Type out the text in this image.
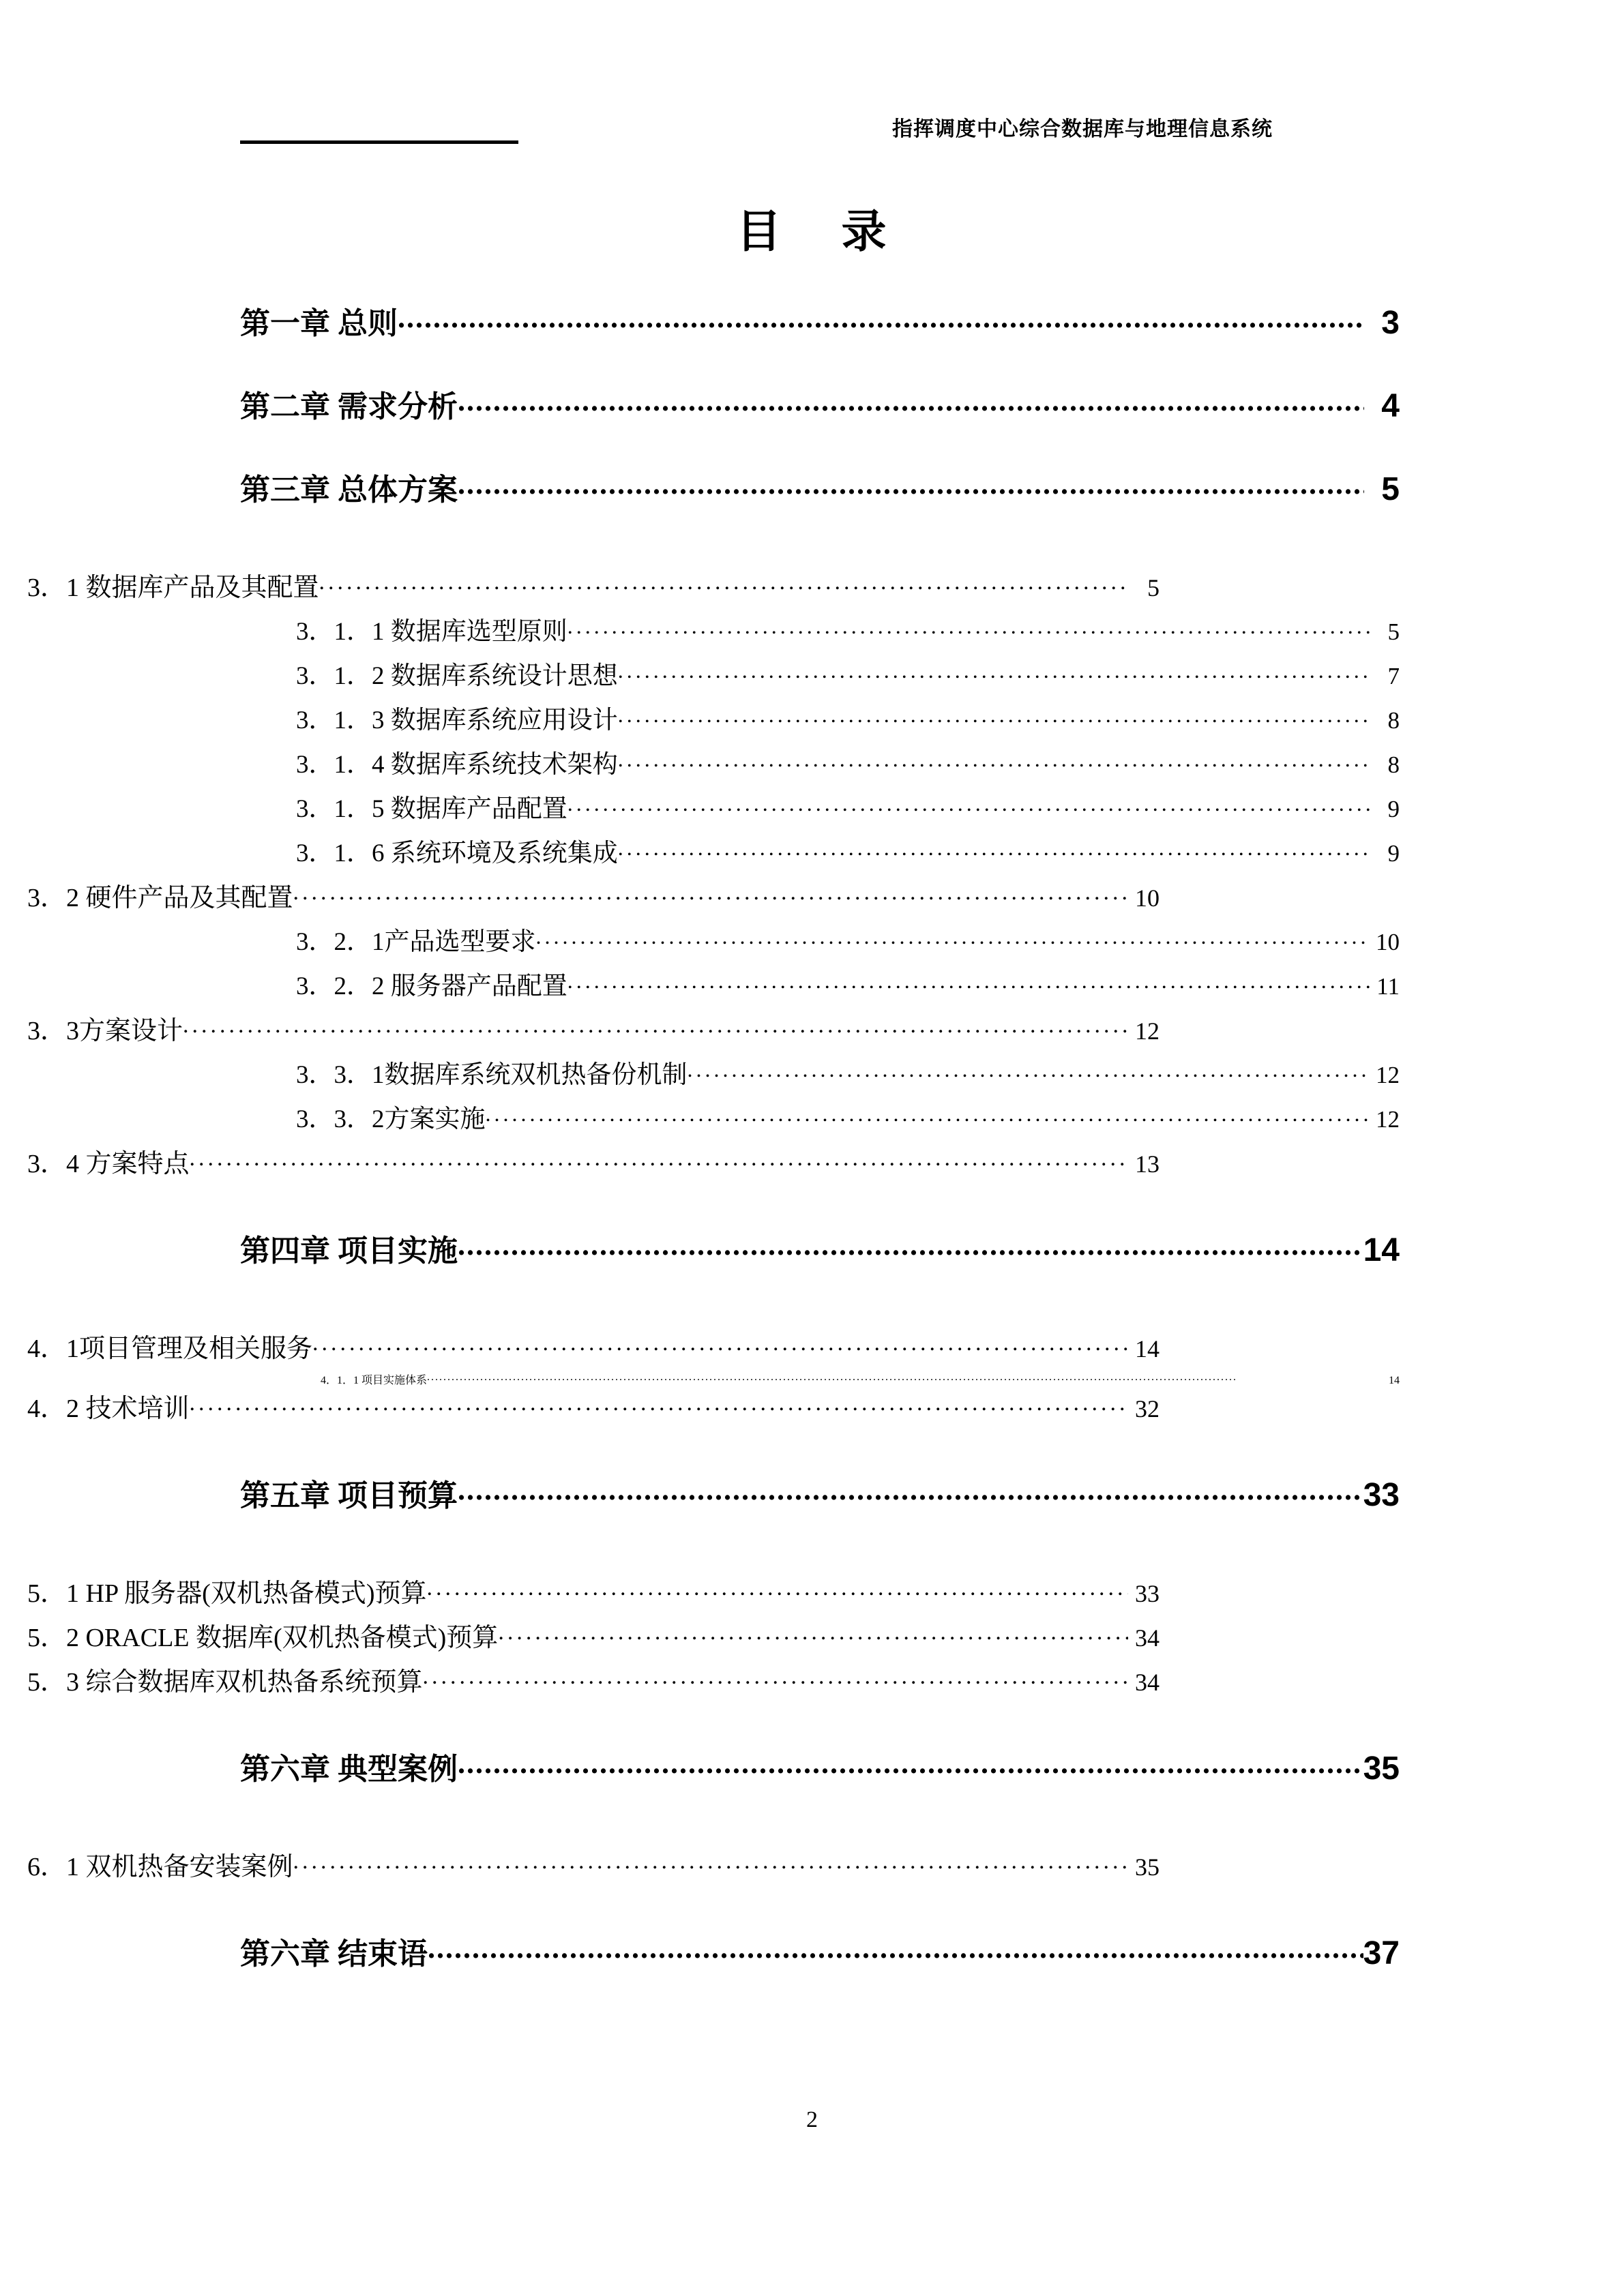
指挥调度中心综合数据库与地理信息系统
目 录
第一章 总则 .....	3
第二章 需求分析 .....	4
第三章 总体方案 .....	5
3．1 数据库产品及其配置 .....	5
3．1．1 数据库选型原则 .....	5
3．1．2 数据库系统设计思想 .....	7
3．1．3 数据库系统应用设计 .....	8
3．1．4 数据库系统技术架构 .....	8
3．1．5 数据库产品配置 .....	9
3．1．6 系统环境及系统集成 .....	9
3．2 硬件产品及其配置 .....	10
3．2．1产品选型要求 .....	10
3．2．2 服务器产品配置 .....	11
3．3方案设计 .....	12
3．3．1数据库系统双机热备份机制 .....	12
3．3．2方案实施 .....	12
3．4 方案特点 .....	13
第四章 项目实施 .....	14
4．1项目管理及相关服务 .....	14
4．1．1 项目实施体系 .....	14
4．2 技术培训 .....	32
第五章 项目预算 .....	33
5．1 HP 服务器(双机热备模式)预算 .....	33
5．2 ORACLE 数据库(双机热备模式)预算 .....	34
5．3 综合数据库双机热备系统预算 .....	34
第六章 典型案例 .....	35
6．1 双机热备安装案例 .....	35
第六章 结束语 .....	37
2
